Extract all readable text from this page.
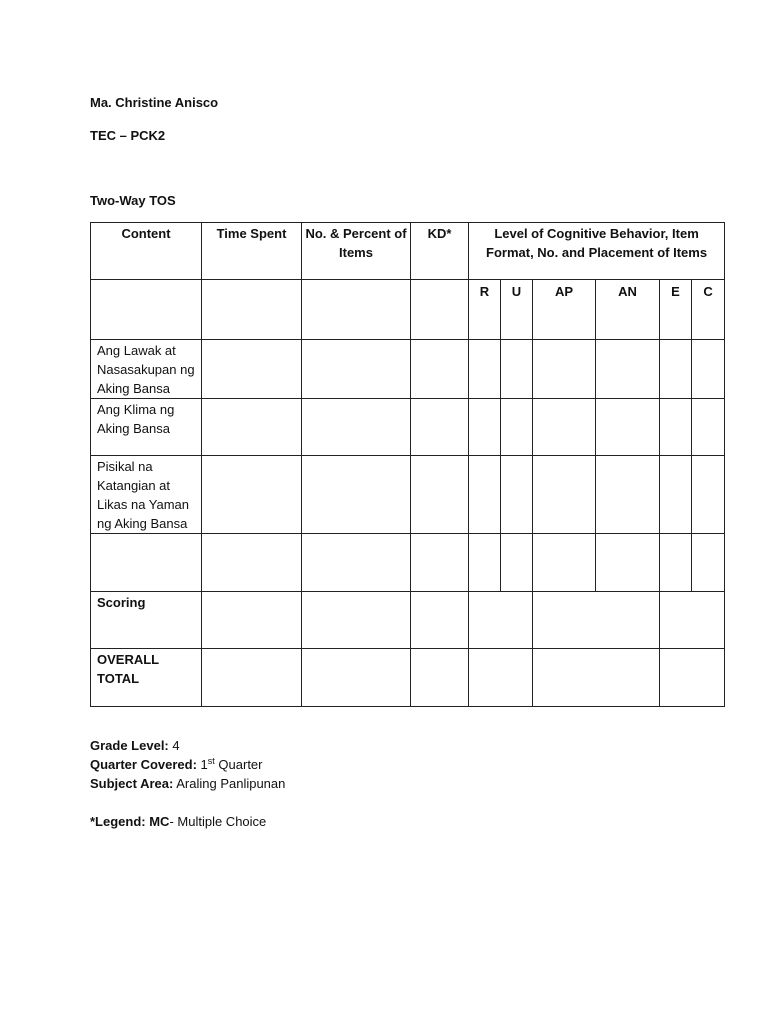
Ma. Christine Anisco
TEC – PCK2
Two-Way TOS
Content	Time Spent	No. & Percent of Items	KD*	Level of Cognitive Behavior, Item Format, No. and Placement of Items					
				R	U	AP	AN	E	C
Ang Lawak at Nasasakupan ng Aking Bansa									
Ang Klima ng Aking Bansa									
Pisikal na Katangian at Likas na Yaman ng Aking Bansa									

Scoring									
OVERALL TOTAL									
Grade Level: 4
Quarter Covered: 1st Quarter
Subject Area: Araling Panlipunan
*Legend: MC- Multiple Choice
